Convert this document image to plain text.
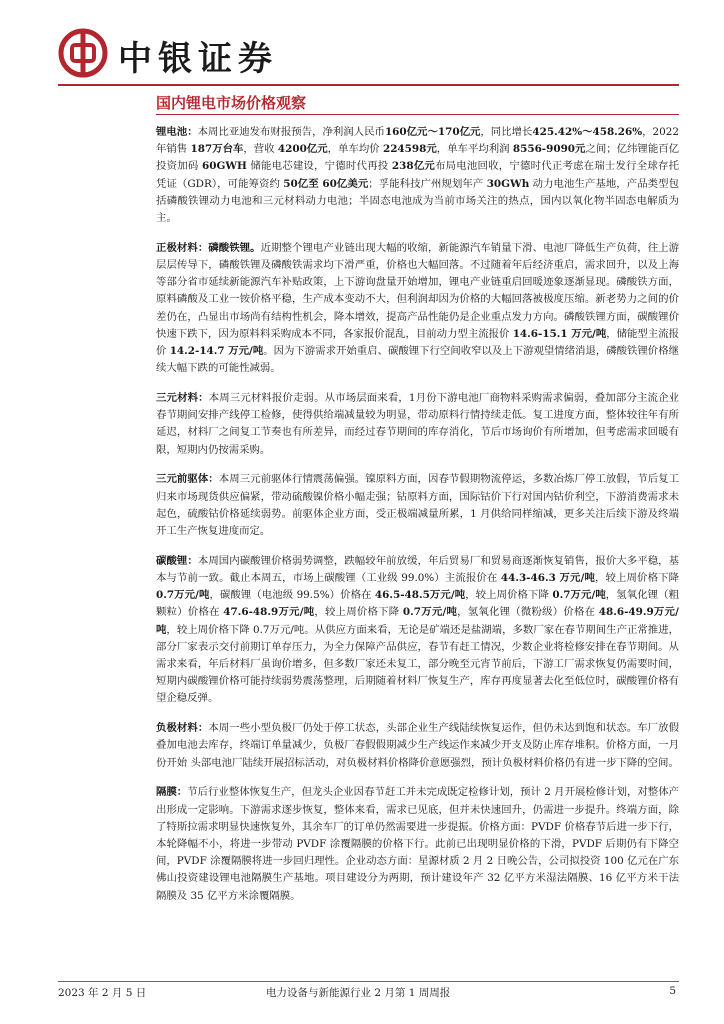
中银证券
国内锂电市场价格观察

锂电池：本周比亚迪发布财报预告，净利润人民币160亿元～170亿元，同比增长425.42%～458.26%，2022 年销售 187万台车，营收 4200亿元，单车均价 224598元，单车平均利润 8556-9090元之间；亿纬锂能百亿投资加码 60GWH 储能电芯建设，宁德时代再投 238亿元布局电池回收，宁德时代正考虑在瑞士发行全球存托凭证（GDR），可能筹资约 50亿至 60亿美元；孚能科技广州规划年产 30GWh 动力电池生产基地，产品类型包括磷酸铁锂动力电池和三元材料动力电池；半固态电池成为当前市场关注的热点，国内以氧化物半固态电解质为主。

正极材料：磷酸铁锂。近期整个锂电产业链出现大幅的收缩，新能源汽车销量下滑、电池厂降低生产负荷，往上游层层传导下，磷酸铁锂及磷酸铁需求均下滑严重，价格也大幅回落。不过随着年后经济重启，需求回升，以及上海等部分省市延续新能源汽车补贴政策，上下游询盘量开始增加，锂电产业链重启回暖迹象逐渐显现。磷酸铁方面，原料磷酸及工业一铵价格平稳，生产成本变动不大，但利润却因为价格的大幅回落被极度压缩。新老势力之间的价差仍在，凸显出市场尚有结构性机会，降本增效，提高产品性能仍是企业重点发力方向。磷酸铁锂方面，碳酸锂价快速下跌下，因为原料料采购成本不同，各家报价混乱，目前动力型主流报价 14.6-15.1 万元/吨，储能型主流报价 14.2-14.7 万元/吨。因为下游需求开始重启、碳酸锂下行空间收窄以及上下游观望情绪消退，磷酸铁锂价格继续大幅下跌的可能性减弱。

三元材料：本周三元材料报价走弱。从市场层面来看，1月份下游电池厂商物料采购需求偏弱，叠加部分主流企业春节期间安排产线停工检修，使得供给端减量较为明显，带动原料行情持续走低。复工进度方面，整体较往年有所延迟，材料厂之间复工节奏也有所差异，而经过春节期间的库存消化，节后市场询价有所增加，但考虑需求回暖有限，短期内仍按需采购。

三元前驱体：本周三元前驱体行情震荡偏强。镍原料方面，因春节假期物流停运，多数冶炼厂停工放假，节后复工归来市场现货供应偏紧，带动硫酸镍价格小幅走强；钴原料方面，国际钴价下行对国内钴价利空，下游消费需求未起色，硫酸钴价格延续弱势。前驱体企业方面，受正极端减量所累，1 月供给同样缩减，更多关注后续下游及终端开工生产恢复进度而定。

碳酸锂：本周国内碳酸锂价格弱势调整，跌幅较年前放缓，年后贸易厂和贸易商逐渐恢复销售，报价大多平稳，基本与节前一致。截止本周五，市场上碳酸锂（工业级 99.0%）主流报价在 44.3-46.3 万元/吨，较上周价格下降 0.7万元/吨，碳酸锂（电池级 99.5%）价格在 46.5-48.5万元/吨，较上周价格下降 0.7万元/吨，氢氧化锂（粗颗粒）价格在 47.6-48.9万元/吨，较上周价格下降 0.7万元/吨，氢氧化锂（微粉级）价格在 48.6-49.9万元/吨，较上周价格下降 0.7万元/吨。从供应方面来看，无论是矿端还是盐湖端，多数厂家在春节期间生产正常推进，部分厂家表示交付前期订单存压力，为全力保障产品供应，春节有赶工情况，少数企业将检修安排在春节期间。从需求来看，年后材料厂虽询价增多，但多数厂家还未复工，部分晚至元宵节前后，下游工厂需求恢复仍需要时间，短期内碳酸锂价格可能持续弱势震荡整理，后期随着材料厂恢复生产，库存再度显著去化至低位时，碳酸锂价格有望企稳反弹。

负极材料：本周一些小型负极厂仍处于停工状态，头部企业生产线陆续恢复运作，但仍未达到饱和状态。车厂放假叠加电池去库存，终端订单量减少，负极厂春假假期减少生产线运作来减少开支及防止库存堆积。价格方面，一月份开始 头部电池厂陆续开展招标活动，对负极材料价格降价意愿强烈，预计负极材料价格仍有进一步下降的空间。

隔膜：节后行业整体恢复生产，但龙头企业因春节赶工并未完成既定检修计划，预计 2 月开展检修计划，对整体产出形成一定影响。下游需求逐步恢复，整体来看，需求已见底，但并未快速回升，仍需进一步提升。终端方面，除了特斯拉需求明显快速恢复外，其余车厂的订单仍然需要进一步提振。价格方面：PVDF 价格春节后进一步下行，本轮降幅不小，将进一步带动 PVDF 涂覆隔膜的价格下行。此前已出现明显价格的下滑，PVDF 后期仍有下降空间，PVDF 涂覆隔膜将进一步回归理性。企业动态方面：星源材质 2 月 2 日晚公告，公司拟投资 100 亿元在广东佛山投资建设锂电池隔膜生产基地。项目建设分为两期，预计建设年产 32 亿平方米湿法隔膜、16 亿平方米干法隔膜及 35 亿平方米涂覆隔膜。

2023 年 2 月 5 日	电力设备与新能源行业 2 月第 1 周周报	5
